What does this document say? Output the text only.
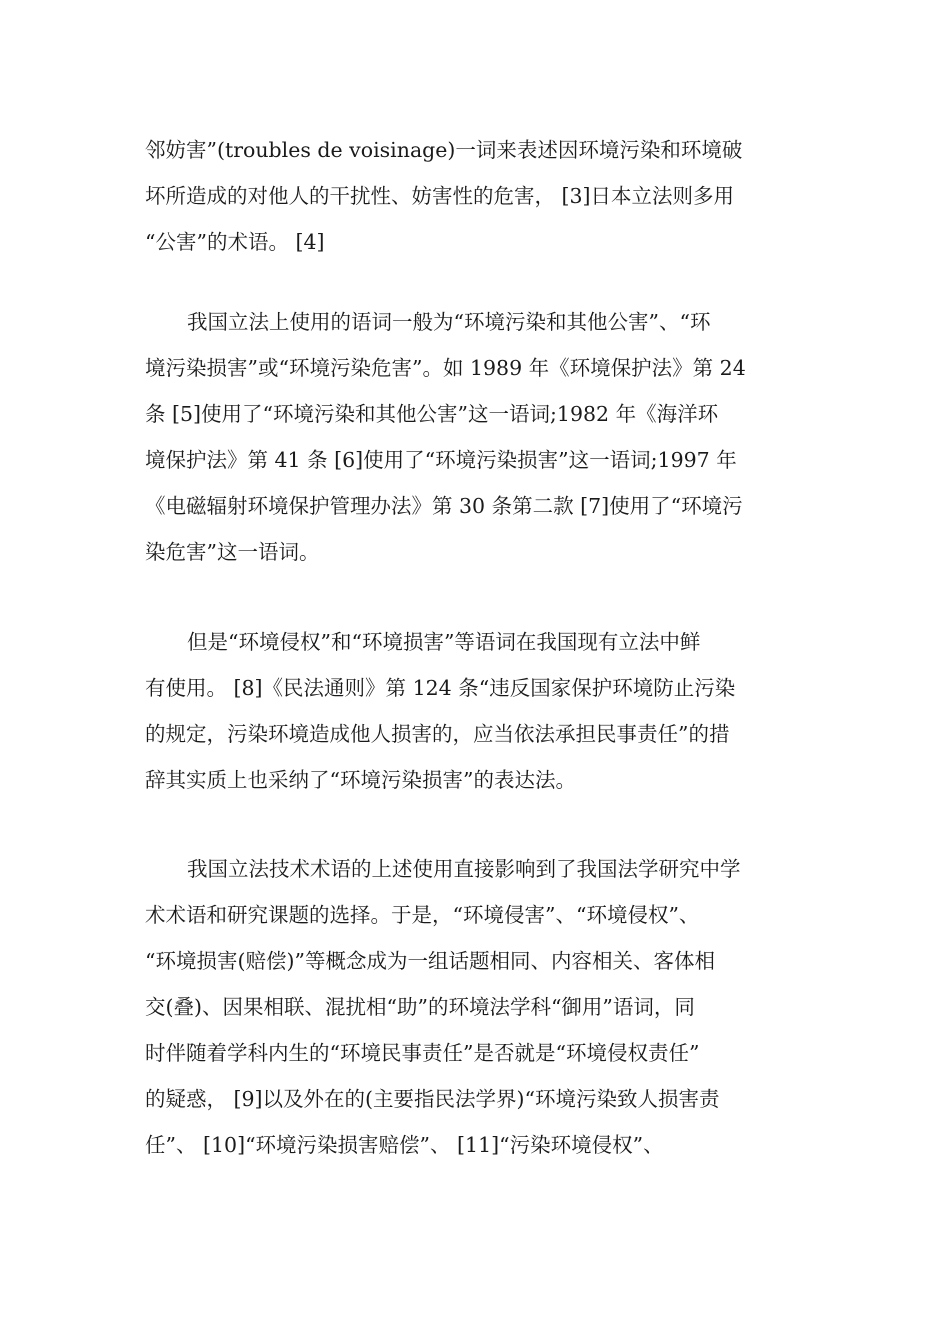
邻妨害”(troubles de voisinage)一词来表述因环境污染和环境破
坏所造成的对他人的干扰性、妨害性的危害， [3]日本立法则多用
“公害”的术语。 [4]
我国立法上使用的语词一般为“环境污染和其他公害”、“环
境污染损害”或“环境污染危害”。如 1989 年《环境保护法》第 24
条 [5]使用了“环境污染和其他公害”这一语词;1982 年《海洋环
境保护法》第 41 条 [6]使用了“环境污染损害”这一语词;1997 年
《电磁辐射环境保护管理办法》第 30 条第二款 [7]使用了“环境污
染危害”这一语词。
但是“环境侵权”和“环境损害”等语词在我国现有立法中鲜
有使用。 [8]《民法通则》第 124 条“违反国家保护环境防止污染
的规定，污染环境造成他人损害的，应当依法承担民事责任”的措
辞其实质上也采纳了“环境污染损害”的表达法。
我国立法技术术语的上述使用直接影响到了我国法学研究中学
术术语和研究课题的选择。于是，“环境侵害”、“环境侵权”、
“环境损害(赔偿)”等概念成为一组话题相同、内容相关、客体相
交(叠)、因果相联、混扰相“助”的环境法学科“御用”语词，同
时伴随着学科内生的“环境民事责任”是否就是“环境侵权责任”
的疑惑， [9]以及外在的(主要指民法学界)“环境污染致人损害责
任”、 [10]“环境污染损害赔偿”、 [11]“污染环境侵权”、
